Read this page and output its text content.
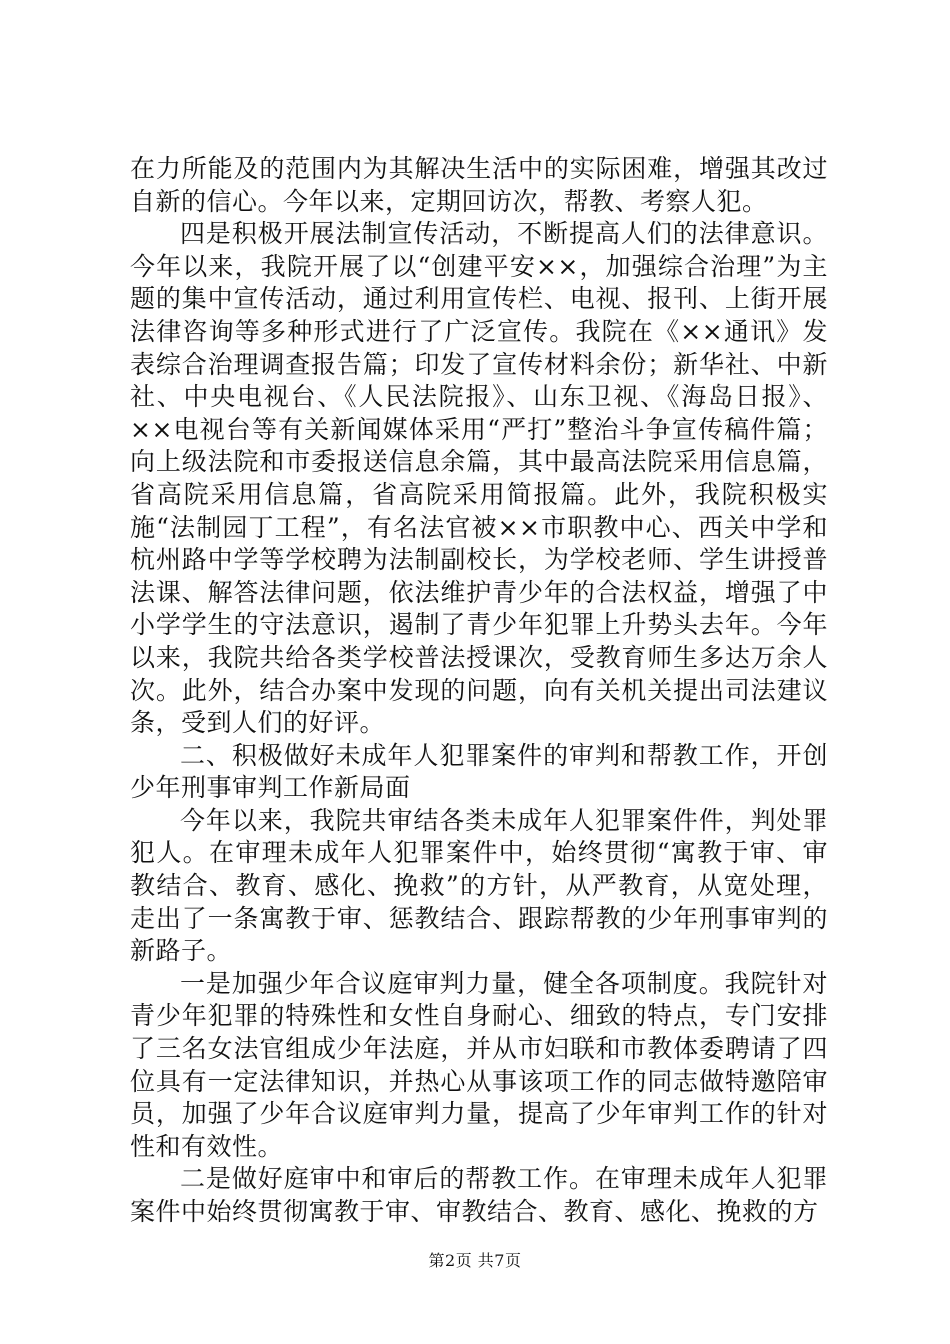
在力所能及的范围内为其解决生活中的实际困难，增强其改过自新的信心。今年以来，定期回访次，帮教、考察人犯。

四是积极开展法制宣传活动，不断提高人们的法律意识。今年以来，我院开展了以“创建平安××，加强综合治理”为主题的集中宣传活动，通过利用宣传栏、电视、报刊、上街开展法律咨询等多种形式进行了广泛宣传。我院在《××通讯》发表综合治理调查报告篇；印发了宣传材料余份；新华社、中新社、中央电视台、《人民法院报》、山东卫视、《海岛日报》、××电视台等有关新闻媒体采用“严打”整治斗争宣传稿件篇；向上级法院和市委报送信息余篇，其中最高法院采用信息篇，省高院采用信息篇，省高院采用简报篇。此外，我院积极实施“法制园丁工程”，有名法官被××市职教中心、西关中学和杭州路中学等学校聘为法制副校长，为学校老师、学生讲授普法课、解答法律问题，依法维护青少年的合法权益，增强了中小学学生的守法意识，遏制了青少年犯罪上升势头去年。今年以来，我院共给各类学校普法授课次，受教育师生多达万余人次。此外，结合办案中发现的问题，向有关机关提出司法建议条，受到人们的好评。

二、积极做好未成年人犯罪案件的审判和帮教工作，开创少年刑事审判工作新局面

今年以来，我院共审结各类未成年人犯罪案件件，判处罪犯人。在审理未成年人犯罪案件中，始终贯彻“寓教于审、审教结合、教育、感化、挽救”的方针，从严教育，从宽处理，走出了一条寓教于审、惩教结合、跟踪帮教的少年刑事审判的新路子。

一是加强少年合议庭审判力量，健全各项制度。我院针对青少年犯罪的特殊性和女性自身耐心、细致的特点，专门安排了三名女法官组成少年法庭，并从市妇联和市教体委聘请了四位具有一定法律知识，并热心从事该项工作的同志做特邀陪审员，加强了少年合议庭审判力量，提高了少年审判工作的针对性和有效性。

二是做好庭审中和审后的帮教工作。在审理未成年人犯罪案件中始终贯彻寓教于审、审教结合、教育、感化、挽救的方

第2页 共7页
